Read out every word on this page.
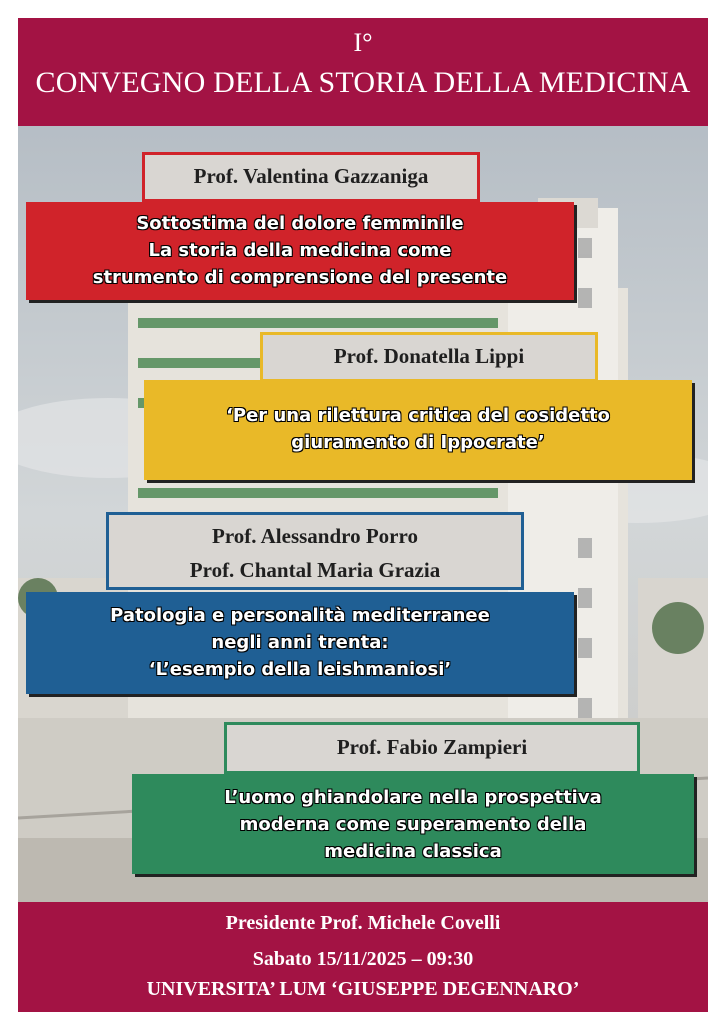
I°
CONVEGNO DELLA STORIA DELLA MEDICINA
Prof. Valentina Gazzaniga
Sottostima del dolore femminile
La storia della medicina come
strumento di comprensione del presente
Prof. Donatella Lippi
‘Per una rilettura critica del cosidetto
giuramento di Ippocrate’
Prof. Alessandro Porro
Prof. Chantal Maria Grazia
Patologia e personalità mediterranee
negli anni trenta:
‘L’esempio della leishmaniosi’
Prof. Fabio Zampieri
L’uomo ghiandolare nella prospettiva
moderna come superamento della
medicina classica
Presidente Prof. Michele Covelli
Sabato 15/11/2025 – 09:30
UNIVERSITA’ LUM ‘GIUSEPPE DEGENNARO’
